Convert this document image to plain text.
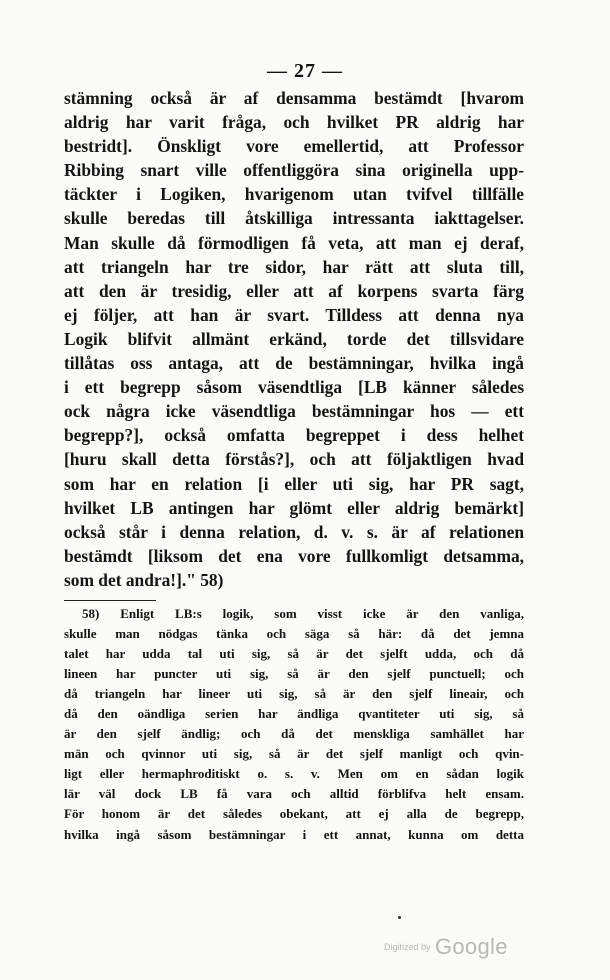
— 27 —
stämning också är af densamma bestämdt [hvarom
aldrig har varit fråga, och hvilket PR aldrig har
bestridt]. Önskligt vore emellertid, att Professor
Ribbing snart ville offentliggöra sina originella upp-
täckter i Logiken, hvarigenom utan tvifvel tillfälle
skulle beredas till åtskilliga intressanta iakttagelser.
Man skulle då förmodligen få veta, att man ej deraf,
att triangeln har tre sidor, har rätt att sluta till,
att den är tresidig, eller att af korpens svarta färg
ej följer, att han är svart. Tilldess att denna nya
Logik blifvit allmänt erkänd, torde det tillsvidare
tillåtas oss antaga, att de bestämningar, hvilka ingå
i ett begrepp såsom väsendtliga [LB känner således
ock några icke väsendtliga bestämningar hos — ett
begrepp?], också omfatta begreppet i dess helhet
[huru skall detta förstås?], och att följaktligen hvad
som har en relation [i eller uti sig, har PR sagt,
hvilket LB antingen har glömt eller aldrig bemärkt]
också står i denna relation, d. v. s. är af relationen
bestämdt [liksom det ena vore fullkomligt detsamma,
som det andra!]." 58)
58) Enligt LB:s logik, som visst icke är den vanliga,
skulle man nödgas tänka och säga så här: då det jemna
talet har udda tal uti sig, så är det sjelft udda, och då
lineen har puncter uti sig, så är den sjelf punctuell; och
då triangeln har lineer uti sig, så är den sjelf lineair, och
då den oändliga serien har ändliga qvantiteter uti sig, så
är den sjelf ändlig; och då det menskliga samhället har
män och qvinnor uti sig, så är det sjelf manligt och qvin-
ligt eller hermaphroditiskt o. s. v. Men om en sådan logik
lär väl dock LB få vara och alltid förblifva helt ensam.
För honom är det således obekant, att ej alla de begrepp,
hvilka ingå såsom bestämningar i ett annat, kunna om detta
Digitized by Google
